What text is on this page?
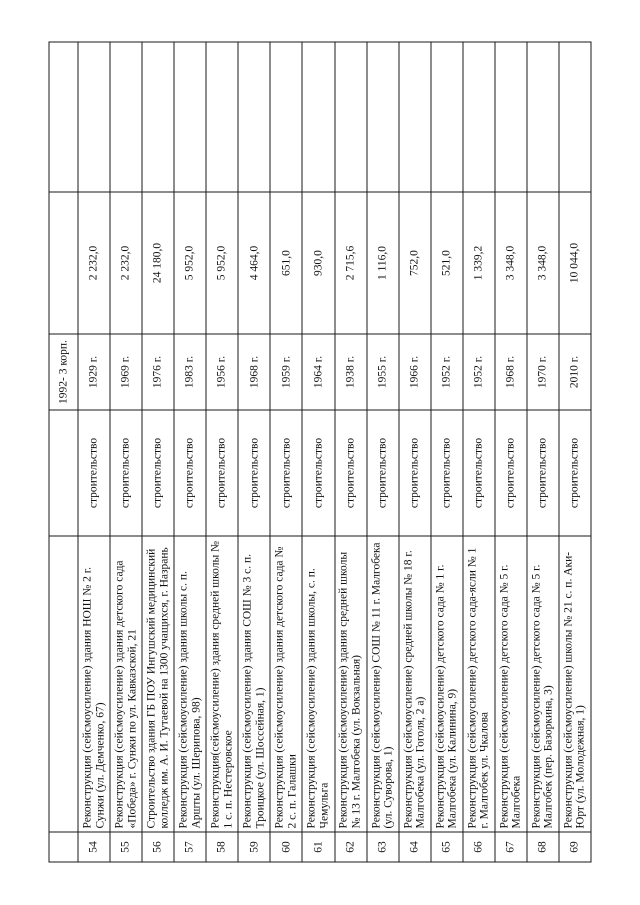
			1992- 3 корп.		
54	Реконструкция (сейсмоусиление) здания НОШ № 2 г. Сунжи (ул. Демченко, 67)	строительство	1929 г.	2 232,0	
55	Реконструкция (сейсмоусиление) здания детского сада «Победа» г. Сунжи по ул. Кавказской, 21	строительство	1969 г.	2 232,0	
56	Строительство здания ГБ ПОУ Ингушский медицинский колледж им. А. И. Тутаевой на 1300 учащихся, г. Назрань	строительство	1976 г.	24 180,0	
57	Реконструкция (сейсмоусиление) здания школы с. п. Аршты (ул. Шерипова, 98)	строительство	1983 г.	5 952,0	
58	Реконструкция(сейсмоусиление) здания средней школы № 1 с. п. Нестеровское	строительство	1956 г.	5 952,0	
59	Реконструкция (сейсмоусиление) здания СОШ № 3 с. п. Троицкое (ул. Шоссейная, 1)	строительство	1968 г.	4 464,0	
60	Реконструкция (сейсмоусиление) здания детского сада № 2 с. п. Галашки	строительство	1959 г.	651,0	
61	Реконструкция (сейсмоусиление) здания школы, с. п. Чемульга	строительство	1964 г.	930,0	
62	Реконструкция (сейсмоусиление) здания средней школы № 13 г. Малгобека (ул. Вокзальная)	строительство	1938 г.	2 715,6	
63	Реконструкция (сейсмоусиление) СОШ № 11 г. Малгобека (ул. Суворова, 1)	строительство	1955 г.	1 116,0	
64	Реконструкция (сейсмоусиление) средней школы № 18 г. Малгобека (ул. Гоголя, 2 а)	строительство	1966 г.	752,0	
65	Реконструкция (сейсмоусиление) детского сада № 1 г. Малгобека (ул. Калинина, 9)	строительство	1952 г.	521,0	
66	Реконструкция (сейсмоусиление) детского сада-ясли № 1 г. Малгобек ул. Чкалова	строительство	1952 г.	1 339,2	
67	Реконструкция (сейсмоусиление) детского сада № 5 г. Малгобека	строительство	1968 г.	3 348,0	
68	Реконструкция (сейсмоусиление) детского сада № 5 г. Малгобек (пер. Базоркина, 3)	строительство	1970 г.	3 348,0	
69	Реконструкция (сейсмоусиление) школы № 21 с. п. Аки-Юрт (ул. Молодежная, 1)	строительство	2010 г.	10 044,0	
